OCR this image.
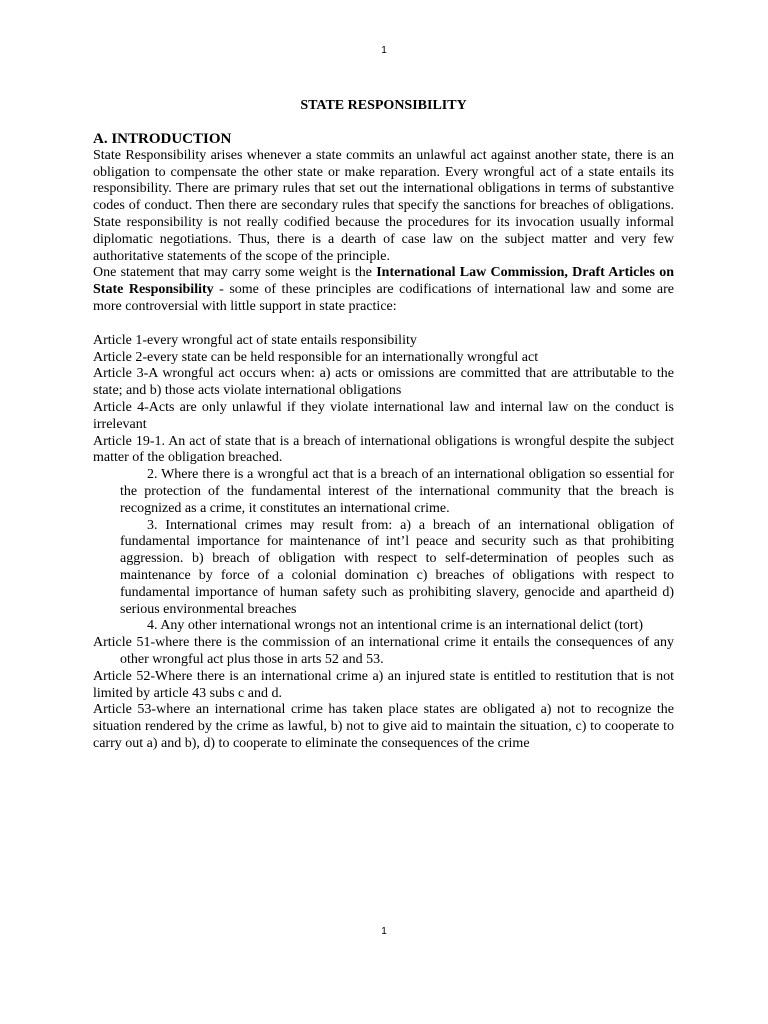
1

STATE RESPONSIBILITY

A. INTRODUCTION

State Responsibility arises whenever a state commits an unlawful act against another state, there is an obligation to compensate the other state or make reparation. Every wrongful act of a state entails its responsibility. There are primary rules that set out the international obligations in terms of substantive codes of conduct. Then there are secondary rules that specify the sanctions for breaches of obligations. State responsibility is not really codified because the procedures for its invocation usually informal diplomatic negotiations. Thus, there is a dearth of case law on the subject matter and very few authoritative statements of the scope of the principle.

One statement that may carry some weight is the International Law Commission, Draft Articles on State Responsibility - some of these principles are codifications of international law and some are more controversial with little support in state practice:

Article 1-every wrongful act of state entails responsibility

Article 2-every state can be held responsible for an internationally wrongful act

Article 3-A wrongful act occurs when: a) acts or omissions are committed that are attributable to the state; and b) those acts violate international obligations

Article 4-Acts are only unlawful if they violate international law and internal law on the conduct is irrelevant

Article 19-1. An act of state that is a breach of international obligations is wrongful despite the subject matter of the obligation breached.

2. Where there is a wrongful act that is a breach of an international obligation so essential for the protection of the fundamental interest of the international community that the breach is recognized as a crime, it constitutes an international crime.

3. International crimes may result from: a) a breach of an international obligation of fundamental importance for maintenance of int’l peace and security such as that prohibiting aggression. b) breach of obligation with respect to self-determination of peoples such as maintenance by force of a colonial domination c) breaches of obligations with respect to fundamental importance of human safety such as prohibiting slavery, genocide and apartheid d) serious environmental breaches

4. Any other international wrongs not an intentional crime is an international delict (tort)

Article 51-where there is the commission of an international crime it entails the consequences of any other wrongful act plus those in arts 52 and 53.

Article 52-Where there is an international crime a) an injured state is entitled to restitution that is not limited by article 43 subs c and d.

Article 53-where an international crime has taken place states are obligated a) not to recognize the situation rendered by the crime as lawful, b) not to give aid to maintain the situation, c) to cooperate to carry out a) and b), d) to cooperate to eliminate the consequences of the crime

1
